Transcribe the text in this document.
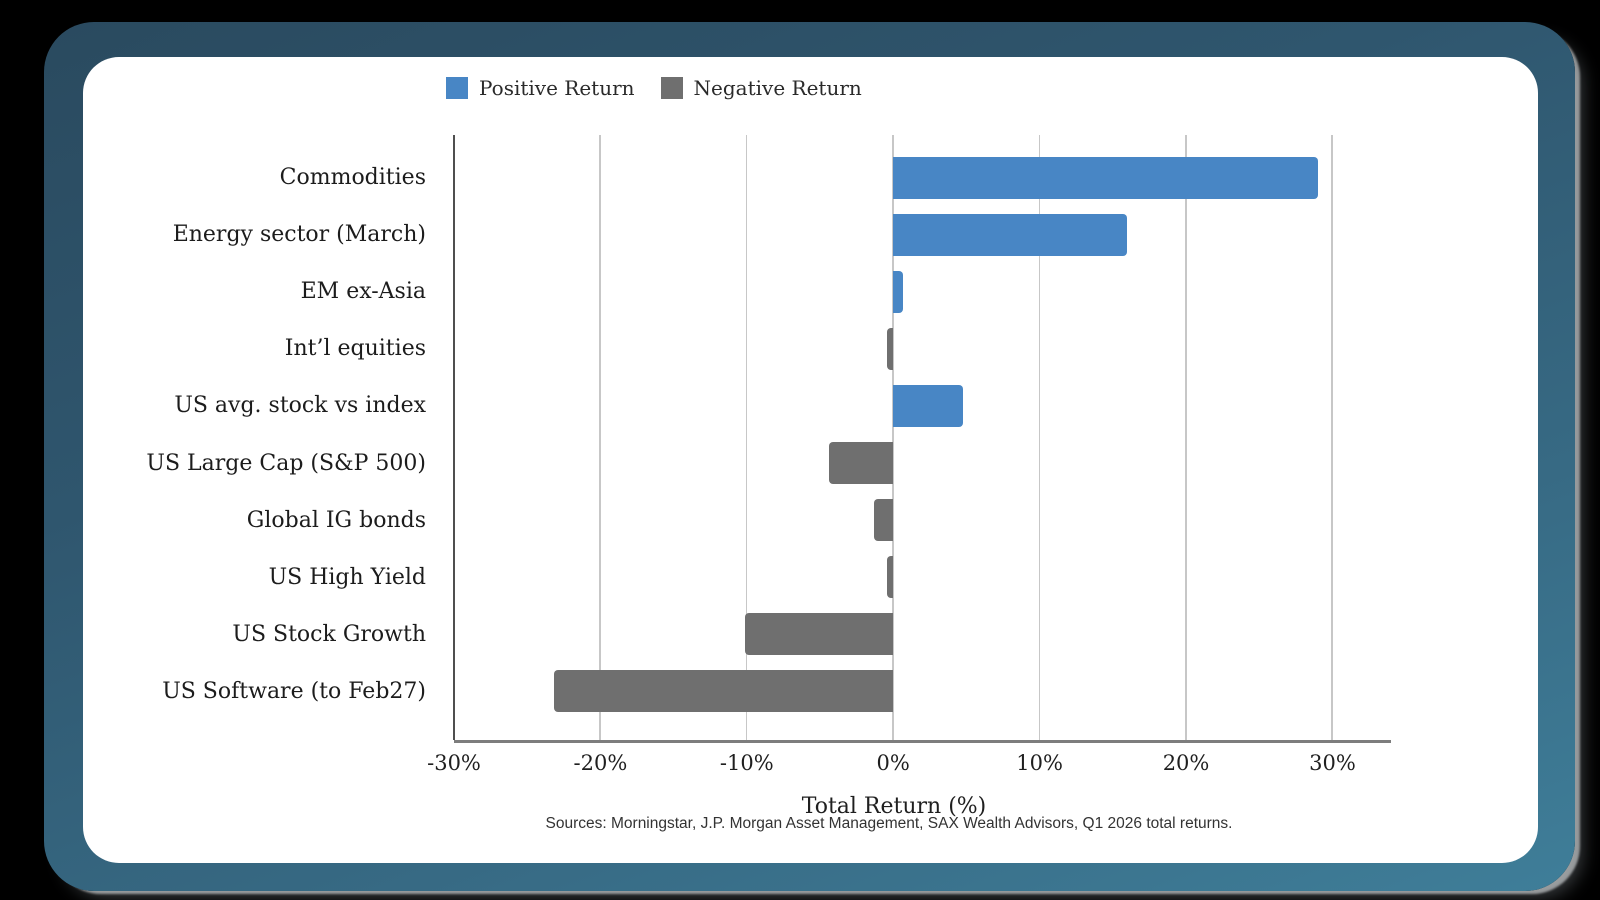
Positive Return	Negative Return
Commodities
Energy sector (March)
EM ex-Asia
Int’l equities
US avg. stock vs index
US Large Cap (S&P 500)
Global IG bonds
US High Yield
US Stock Growth
US Software (to Feb27)
-30%	-20%	-10%	0%	10%	20%	30%
Total Return (%)
Sources: Morningstar, J.P. Morgan Asset Management, SAX Wealth Advisors, Q1 2026 total returns.
